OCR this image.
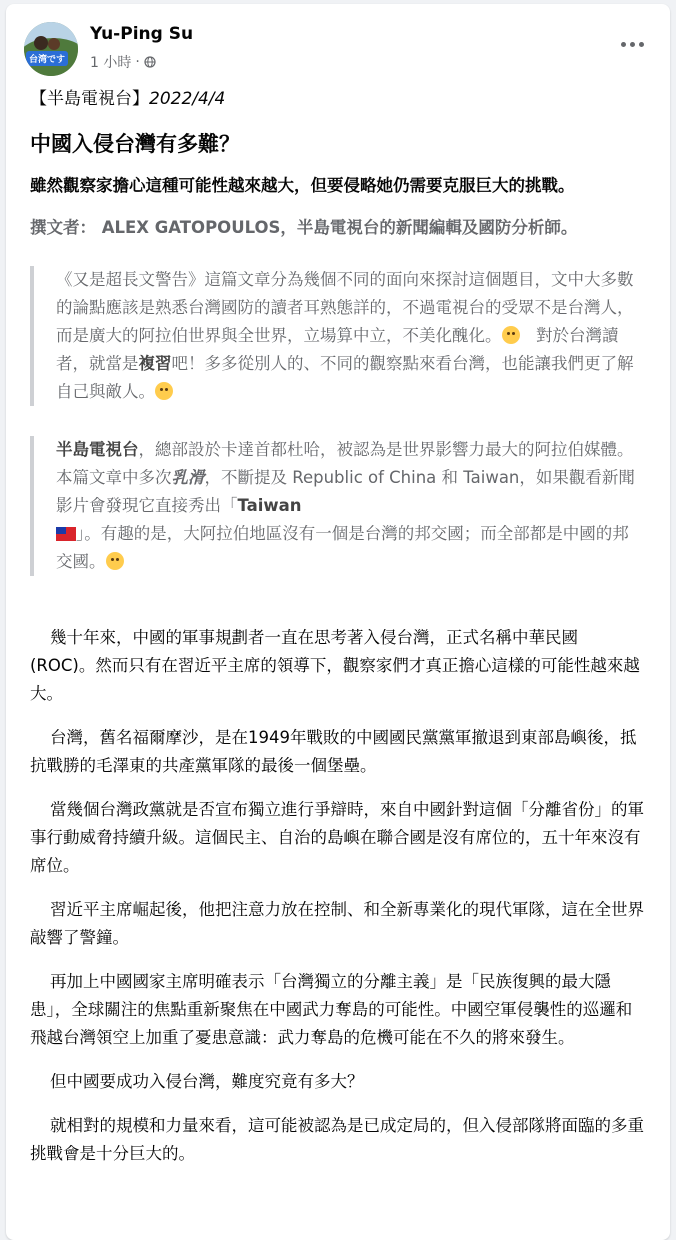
台湾です
Yu-Ping Su
1 小時 ·

【半島電視台】2022/4/4

中國入侵台灣有多難？

雖然觀察家擔心這種可能性越來越大，但要侵略她仍需要克服巨大的挑戰。

撰文者： ALEX GATOPOULOS，半島電視台的新聞編輯及國防分析師。

《又是超長文警告》這篇文章分為幾個不同的面向來探討這個題目，文中大多數的論點應該是熟悉台灣國防的讀者耳熟態詳的，不過電視台的受眾不是台灣人，而是廣大的阿拉伯世界與全世界，立場算中立，不美化醜化。　對於台灣讀者，就當是複習吧！多多從別人的、不同的觀察點來看台灣，也能讓我們更了解自己與敵人。
半島電視台，總部設於卡達首都杜哈，被認為是世界影響力最大的阿拉伯媒體。本篇文章中多次乳滑，不斷提及 Republic of China 和 Taiwan，如果觀看新聞影片會發現它直接秀出「Taiwan
」。有趣的是，大阿拉伯地區沒有一個是台灣的邦交國；而全部都是中國的邦交國。

幾十年來，中國的軍事規劃者一直在思考著入侵台灣，正式名稱中華民國 (ROC)。然而只有在習近平主席的領導下，觀察家們才真正擔心這樣的可能性越來越大。

台灣，舊名福爾摩沙，是在1949年戰敗的中國國民黨黨軍撤退到東部島嶼後，抵抗戰勝的毛澤東的共產黨軍隊的最後一個堡壘。

當幾個台灣政黨就是否宣布獨立進行爭辯時，來自中國針對這個「分離省份」的軍事行動威脅持續升級。這個民主、自治的島嶼在聯合國是沒有席位的，五十年來沒有席位。

習近平主席崛起後，他把注意力放在控制、和全新專業化的現代軍隊，這在全世界敲響了警鐘。

再加上中國國家主席明確表示「台灣獨立的分離主義」是「民族復興的最大隱患」，全球關注的焦點重新聚焦在中國武力奪島的可能性。中國空軍侵襲性的巡邏和飛越台灣領空上加重了憂患意識：武力奪島的危機可能在不久的將來發生。

但中國要成功入侵台灣，難度究竟有多大？

就相對的規模和力量來看，這可能被認為是已成定局的，但入侵部隊將面臨的多重挑戰會是十分巨大的。
